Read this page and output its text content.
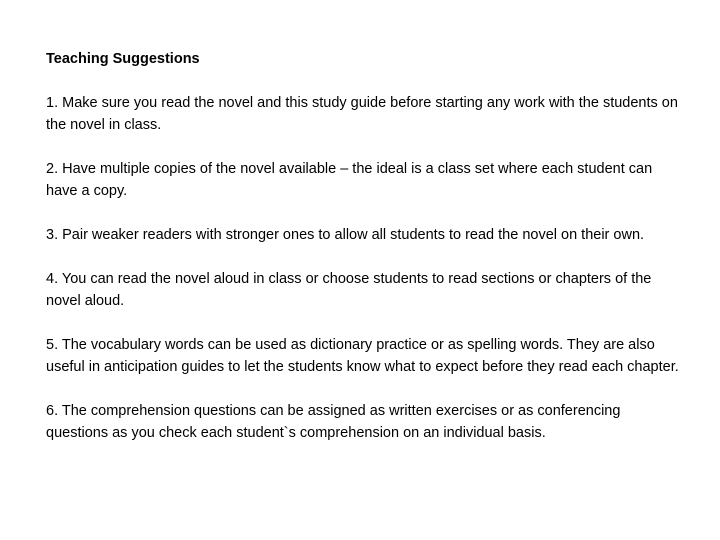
Teaching Suggestions
1. Make sure you read the novel and this study guide before starting any work with the students on the novel in class.
2. Have multiple copies of the novel available – the ideal is a class set where each student can have a copy.
3. Pair weaker readers with stronger ones to allow all students to read the novel on their own.
4. You can read the novel aloud in class or choose students to read sections or chapters of the novel aloud.
5. The vocabulary words can be used as dictionary practice or as spelling words. They are also useful in anticipation guides to let the students know what to expect before they read each chapter.
6. The comprehension questions can be assigned as written exercises or as conferencing questions as you check each student`s comprehension on an individual basis.
